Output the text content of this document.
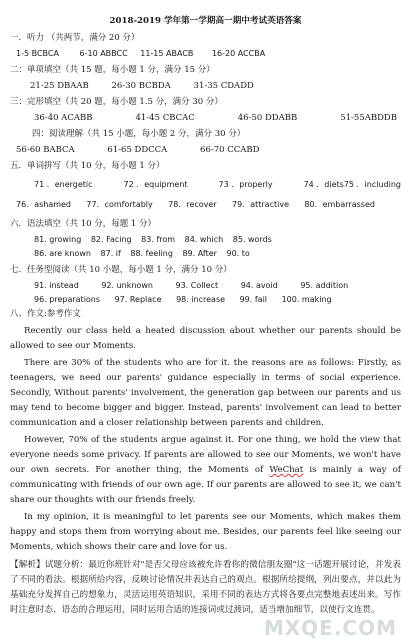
2018-2019 学年第一学期高一期中考试英语答案
一．听力 （共两节，满分 20 分）
1-5 BCBCA	6-10 ABBCC 11-15 ABACB 16-20 ACCBA
二：单项填空（共 15 题，每小题 1 分，满分 15 分）
21-25 DBAAB	26-30 BCBDA	31-35 CDADD
三：完形填空（共 20 题，每小题 1.5 分，满分 30 分）
36-40 ACABB	41-45 CBCAC	46-50 DDABB	51-55ABDDB
四：阅读理解（共 15 小题，每小题 2 分，满分 30 分）
56-60 BABCA	61-65 DDCCA	66-70 CCABD
五．单词拼写（共 10 分，每小题 1 分）
71 ．energetic	72 ．equipment	73 ．properly	74 ．diets75 ．including
76．ashamed 77．comfortably 78．recover 79．attractive 80．embarrassed
六．语法填空（共 10 分，每题 1 分）
81. growing 82. Facing 83. from 84. which 85. words
86. are known 87. if 88. feeling 89. After 90. to
七．任务型阅读（共 10 小题，每小题 1 分，满分 10 分）
91. instead	92. unknown	93. Collect	94. avoid	95. addition
96. preparations 97. Replace 98. increase 99. fail 100. making
八、作文:参考作文

Recently our class held a heated discussion about whether our parents should be allowed to see our Moments.

There are 30% of the students who are for it. the reasons are as follows: Firstly, as teenagers, we need our parents' guidance especially in terms of social experience. Secondly, Without parents' involvement, the generation gap between our parents and us may tend to become bigger and bigger. Instead, parents' involvement can lead to better communication and a closer relationship between parents and children.

However, 70% of the students argue against it. For one thing, we hold the view that everyone needs some privacy. If parents are allowed to see our Moments, we won't have our own secrets. For another thing, the Moments of WeChat is mainly a way of communicating with friends of our own age. If our parents are allowed to see it, we can't share our thoughts with our friends freely.

In my opinion, it is meaningful to let parents see our Moments, which makes them happy and stops them from worrying about me. Besides, our parents feel like seeing our Moments, which shows their care and love for us.

【解析】试题分析：最近你班针对"是否父母应该被允许看你的微信朋友圈"这一话题开展讨论，并发表了不同的看法。根据所给内容，反映讨论情况并表达自己的观点。根据所给提纲，列出要点，并以此为基础充分发挥自己的想象力，灵活运用英语知识，采用不同的表达方式将各要点完整地表述出来。写作时注意时态、语态的合理运用，同时运用合适的连接词或过渡词，适当增加细节，以使行文连贯。
MXQE.COM
